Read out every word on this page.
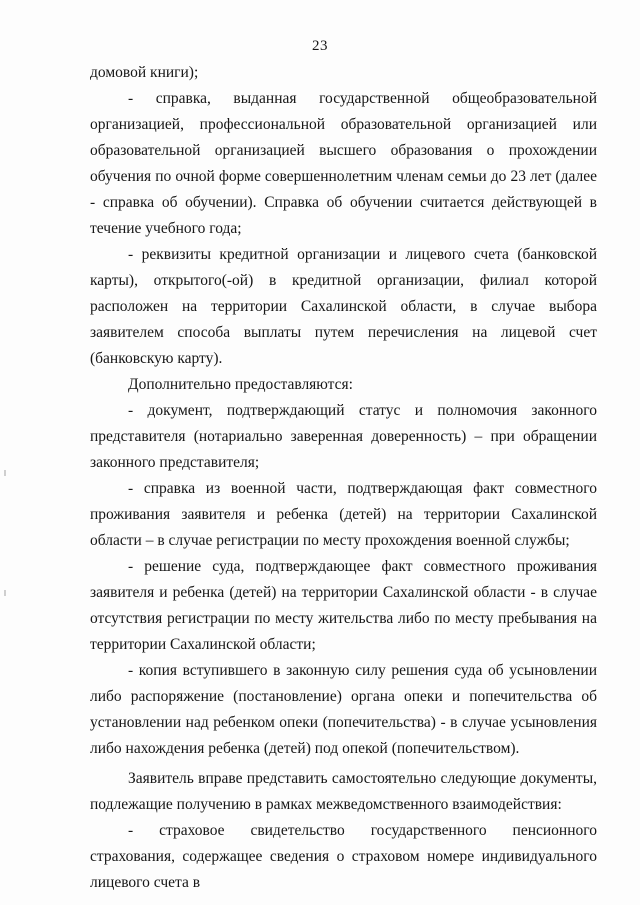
23

домовой книги);

- справка, выданная государственной общеобразовательной организацией, профессиональной образовательной организацией или образовательной организацией высшего образования о прохождении обучения по очной форме совершеннолетним членам семьи до 23 лет (далее - справка об обучении). Справка об обучении считается действующей в течение учебного года;

- реквизиты кредитной организации и лицевого счета (банковской карты), открытого(-ой) в кредитной организации, филиал которой расположен на территории Сахалинской области, в случае выбора заявителем способа выплаты путем перечисления на лицевой счет (банковскую карту).

Дополнительно предоставляются:

- документ, подтверждающий статус и полномочия законного представителя (нотариально заверенная доверенность) – при обращении законного представителя;

- справка из военной части, подтверждающая факт совместного проживания заявителя и ребенка (детей) на территории Сахалинской области – в случае регистрации по месту прохождения военной службы;

- решение суда, подтверждающее факт совместного проживания заявителя и ребенка (детей) на территории Сахалинской области - в случае отсутствия регистрации по месту жительства либо по месту пребывания на территории Сахалинской области;

- копия вступившего в законную силу решения суда об усыновлении либо распоряжение (постановление) органа опеки и попечительства об установлении над ребенком опеки (попечительства) - в случае усыновления либо нахождения ребенка (детей) под опекой (попечительством).

Заявитель вправе представить самостоятельно следующие документы, подлежащие получению в рамках межведомственного взаимодействия:

- страховое свидетельство государственного пенсионного страхования, содержащее сведения о страховом номере индивидуального лицевого счета в
